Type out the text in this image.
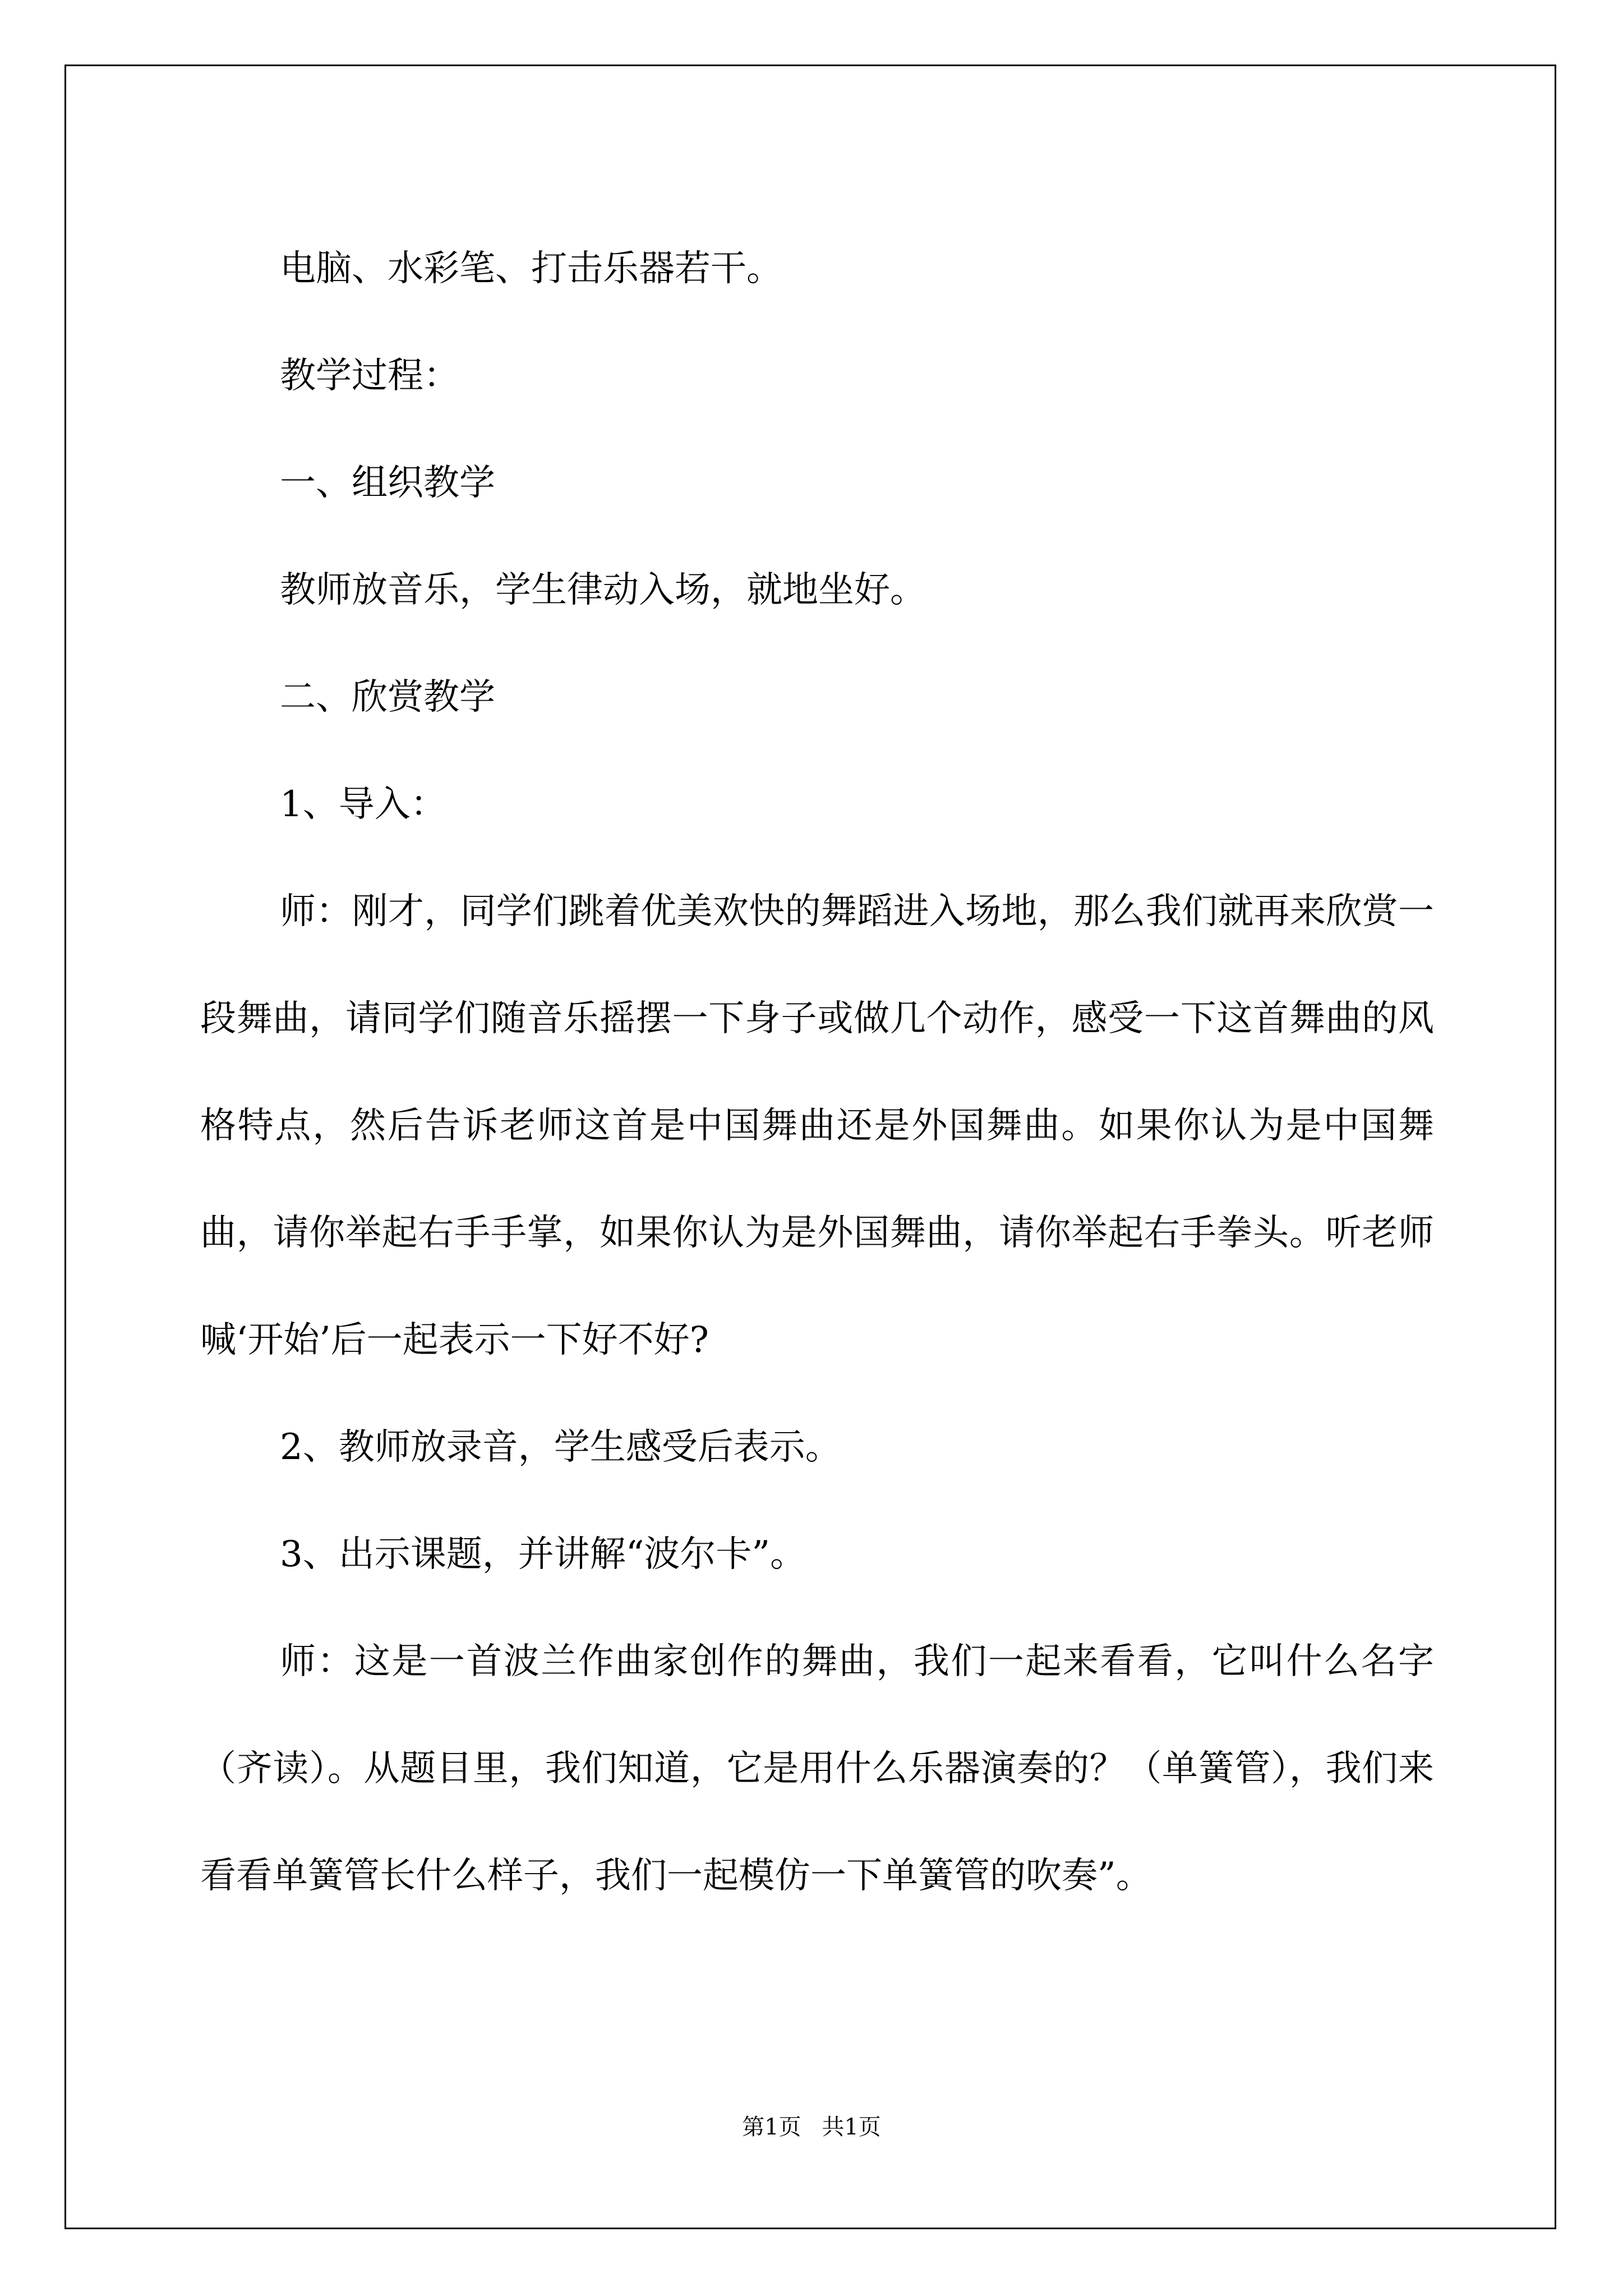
电脑、水彩笔、打击乐器若干。

教学过程：

一、组织教学

教师放音乐，学生律动入场，就地坐好。

二、欣赏教学

1、导入：

师：刚才，同学们跳着优美欢快的舞蹈进入场地，那么我们就再来欣赏一段舞曲，请同学们随音乐摇摆一下身子或做几个动作，感受一下这首舞曲的风格特点，然后告诉老师这首是中国舞曲还是外国舞曲。如果你认为是中国舞曲，请你举起右手手掌，如果你认为是外国舞曲，请你举起右手拳头。听老师喊‘开始’后一起表示一下好不好?

2、教师放录音，学生感受后表示。

3、出示课题，并讲解“波尔卡”。

师：这是一首波兰作曲家创作的舞曲，我们一起来看看，它叫什么名字（齐读）。从题目里，我们知道，它是用什么乐器演奏的？（单簧管），我们来看看单簧管长什么样子，我们一起模仿一下单簧管的吹奏”。

第1页 共1页
